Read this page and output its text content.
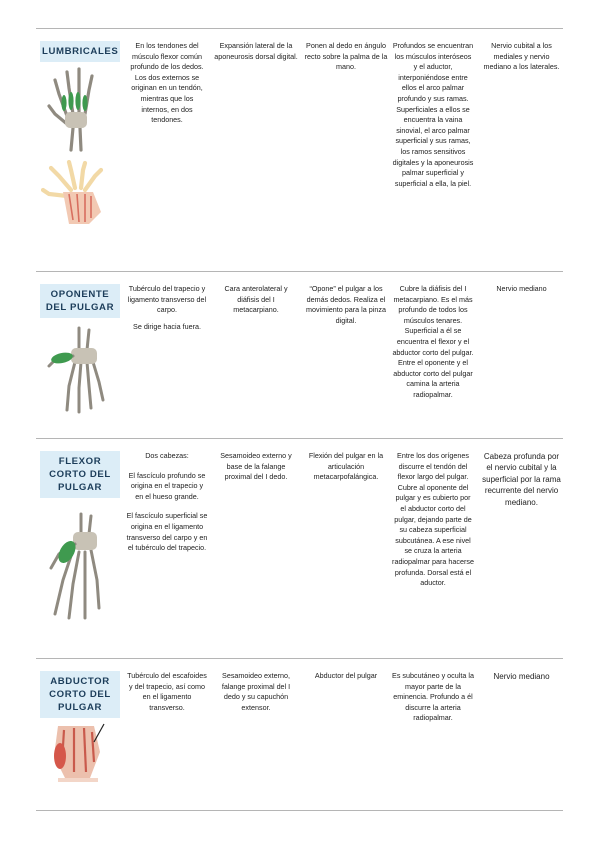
LUMBRICALES
En los tendones del músculo flexor común profundo de los dedos. Los dos externos se originan en un tendón, mientras que los internos, en dos tendones.
Expansión lateral de la aponeurosis dorsal digital.
Ponen al dedo en ángulo recto sobre la palma de la mano.
Profundos se encuentran los músculos interóseos y el aductor, interponiéndose entre ellos el arco palmar profundo y sus ramas. Superficiales a ellos se encuentra la vaina sinovial, el arco palmar superficial y sus ramas, los ramos sensitivos digitales y la aponeurosis palmar superficial y superficial a ella, la piel.
Nervio cubital a los mediales y nervio mediano a los laterales.
OPONENTE DEL PULGAR
Tubérculo del trapecio y ligamento transverso del carpo.
Se dirige hacia fuera.
Cara anterolateral y diáfisis del I metacarpiano.
“Opone” el pulgar a los demás dedos. Realiza el movimiento para la pinza digital.
Cubre la diáfisis del I metacarpiano. Es el más profundo de todos los músculos tenares. Superficial a él se encuentra el flexor y el abductor corto del pulgar. Entre el oponente y el abductor corto del pulgar camina la arteria radiopalmar.
Nervio mediano
FLEXOR CORTO DEL PULGAR
Dos cabezas:
El fascículo profundo se origina en el trapecio y en el hueso grande.
El fascículo superficial se origina en el ligamento transverso del carpo y en el tubérculo del trapecio.
Sesamoideo externo y base de la falange proximal del I dedo.
Flexión del pulgar en la articulación metacarpofalángica.
Entre los dos orígenes discurre el tendón del flexor largo del pulgar. Cubre al oponente del pulgar y es cubierto por el abductor corto del pulgar, dejando parte de su cabeza superficial subcutánea. A ese nivel se cruza la arteria radiopalmar para hacerse profunda. Dorsal está el aductor.
Cabeza profunda por el nervio cubital y la superficial por la rama recurrente del nervio mediano.
ABDUCTOR CORTO DEL PULGAR
Tubérculo del escafoides y del trapecio, así como en el ligamento transverso.
Sesamoideo externo, falange proximal del I dedo y su capuchón extensor.
Abductor del pulgar	Es subcutáneo y oculta la mayor parte de la eminencia. Profundo a él discurre la arteria radiopalmar.
Nervio mediano
